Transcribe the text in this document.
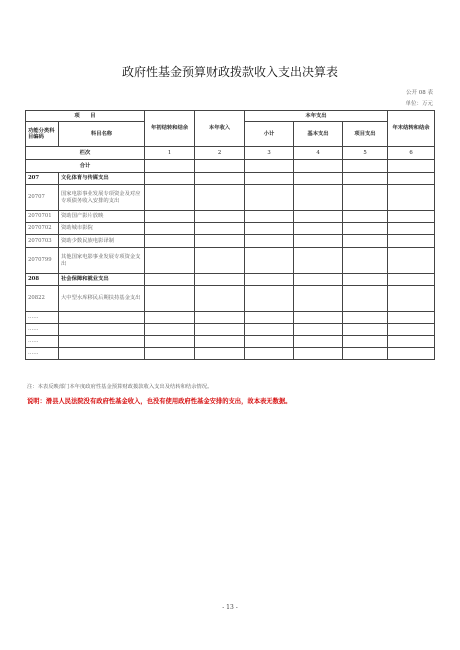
政府性基金预算财政拨款收入支出决算表
公开 08 表
单位：万元
项　　目		年初结转和结余	本年收入	本年支出			年末结转和结余
功能分类科目编码	科目名称			小计	基本支出	项目支出	
栏次		1	2	3	4	5	6
合计							
207	文化体育与传媒支出						
20707	国家电影事业发展专项资金及对应专项债务收入安排的支出						
2070701	资助国产影片放映						
2070702	资助城市影院						
2070703	资助少数民族电影译制						
2070799	其他国家电影事业发展专项资金支出						
208	社会保障和就业支出						
20822	大中型水库移民后期扶持基金支出						
……							
……							
……							
……							
注：本表反映部门本年度政府性基金预算财政拨款收入支出及结转和结余情况。
说明：滑县人民法院没有政府性基金收入，也没有使用政府性基金安排的支出，故本表无数据。
- 13 -
